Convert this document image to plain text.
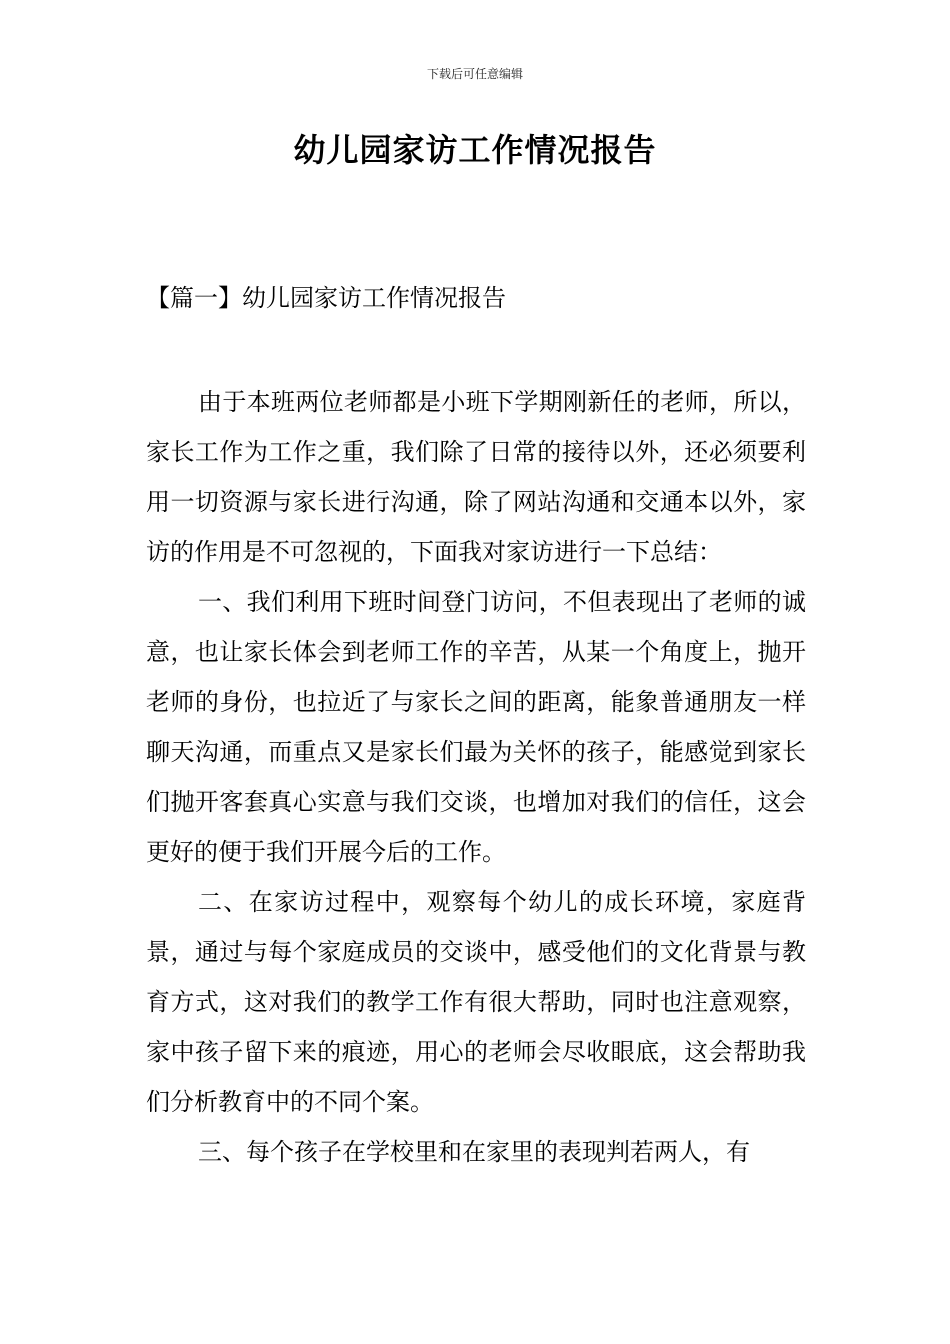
下载后可任意编辑
幼儿园家访工作情况报告
【篇一】幼儿园家访工作情况报告

由于本班两位老师都是小班下学期刚新任的老师，所以，家长工作为工作之重，我们除了日常的接待以外，还必须要利用一切资源与家长进行沟通，除了网站沟通和交通本以外，家访的作用是不可忽视的，下面我对家访进行一下总结：

一、我们利用下班时间登门访问，不但表现出了老师的诚意，也让家长体会到老师工作的辛苦，从某一个角度上，抛开老师的身份，也拉近了与家长之间的距离，能象普通朋友一样聊天沟通，而重点又是家长们最为关怀的孩子，能感觉到家长们抛开客套真心实意与我们交谈，也增加对我们的信任，这会更好的便于我们开展今后的工作。

二、在家访过程中，观察每个幼儿的成长环境，家庭背景，通过与每个家庭成员的交谈中，感受他们的文化背景与教育方式，这对我们的教学工作有很大帮助，同时也注意观察，家中孩子留下来的痕迹，用心的老师会尽收眼底，这会帮助我们分析教育中的不同个案。

三、每个孩子在学校里和在家里的表现判若两人，有
